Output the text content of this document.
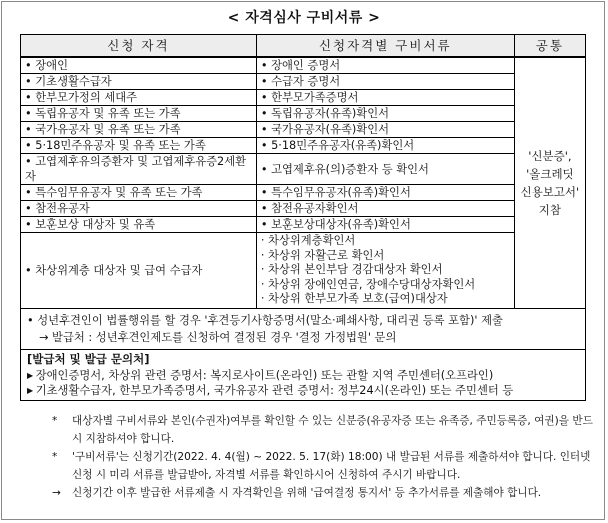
< 자격심사 구비서류 >
신청 자격	신청자격별 구비서류	공통

• 장애인	• 장애인 증명서	'신분증',
'올크레딧
신용보고서'
지참

• 기초생활수급자	• 수급자 증명서

• 한부모가정의 세대주	• 한부모가족증명서

• 독립유공자 및 유족 또는 가족	• 독립유공자(유족)확인서

• 국가유공자 및 유족 또는 가족	• 국가유공자(유족)확인서

• 5·18민주유공자 및 유족 또는 가족	• 5·18민주유공자(유족)확인서

• 고엽제후유의증환자 및 고엽제후유증2세환자	• 고엽제후유(의)증환자 등 확인서

• 특수임무유공자 및 유족 또는 가족	• 특수임무유공자(유족)확인서

• 참전유공자	• 참전유공자확인서

• 보훈보상 대상자 및 유족	• 보훈보상대상자(유족)확인서

• 차상위계층 대상자 및 급여 수급자	· 차상위계층확인서
· 차상위 자활근로 확인서
· 차상위 본인부담 경감대상자 확인서
· 차상위 장애인연금, 장애수당대상자확인서
· 차상위 한부모가족 보호(급여)대상자

• 성년후견인이 법률행위를 할 경우 '후견등기사항증명서(말소·폐쇄사항, 대리권 등록 포함)' 제출
→ 발급처 : 성년후견인제도를 신청하여 결정된 경우 '결정 가정법원' 문의

[발급처 및 발급 문의처]
▶ 장애인증명서, 차상위 관련 증명서: 복지로사이트(온라인) 또는 관할 지역 주민센터(오프라인)
▶ 기초생활수급자, 한부모가족증명서, 국가유공자 관련 증명서: 정부24시(온라인) 또는 주민센터 등

* 대상자별 구비서류와 본인(수권자)여부를 확인할 수 있는 신분증(유공자증 또는 유족증, 주민등록증, 여권)을 반드시 지참하셔야 합니다.

* '구비서류'는 신청기간(2022. 4. 4(월) ~ 2022. 5. 17(화) 18:00) 내 발급된 서류를 제출하셔야 합니다. 인터넷 신청 시 미리 서류를 발급받아, 자격별 서류를 확인하시어 신청하여 주시기 바랍니다.

→ 신청기간 이후 발급한 서류제출 시 자격확인을 위해 '급여결정 통지서' 등 추가서류를 제출해야 합니다.
